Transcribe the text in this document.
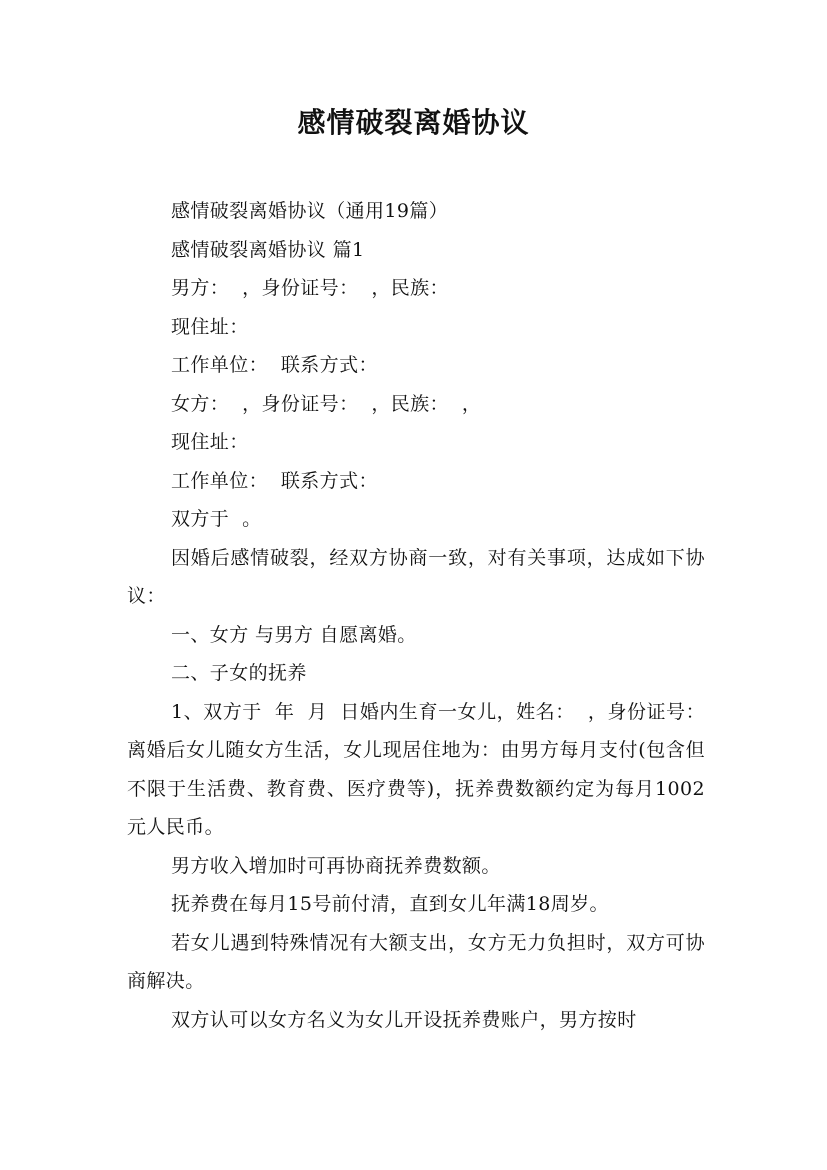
感情破裂离婚协议

感情破裂离婚协议（通用19篇）

感情破裂离婚协议 篇1

男方：  ，身份证号：  ，民族：

现住址：

工作单位：  联系方式：

女方：  ，身份证号：  ，民族：  ，

现住址：

工作单位：  联系方式：

双方于  。

因婚后感情破裂，经双方协商一致，对有关事项，达成如下协议：

一、女方 与男方 自愿离婚。

二、子女的抚养

1、双方于  年  月  日婚内生育一女儿，姓名：  ，身份证号：离婚后女儿随女方生活，女儿现居住地为：由男方每月支付(包含但不限于生活费、教育费、医疗费等)，抚养费数额约定为每月1002元人民币。

男方收入增加时可再协商抚养费数额。

抚养费在每月15号前付清，直到女儿年满18周岁。

若女儿遇到特殊情况有大额支出，女方无力负担时，双方可协商解决。

双方认可以女方名义为女儿开设抚养费账户，男方按时
